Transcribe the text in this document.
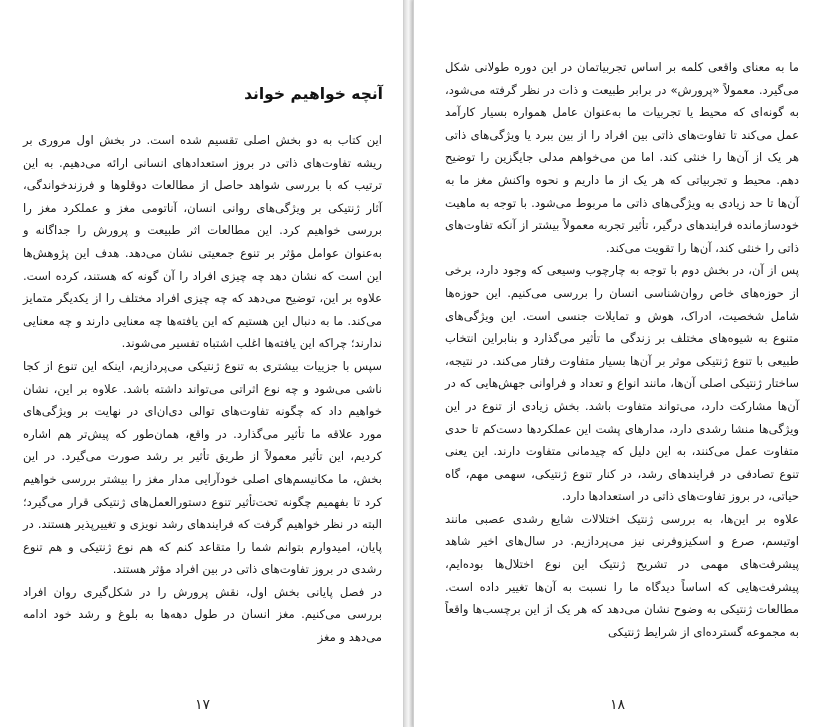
آنچه خواهیم خواند

این کتاب به دو بخش اصلی تقسیم شده است. در بخش اول مروری بر ریشه تفاوت‌های ذاتی در بروز استعدادهای انسانی ارائه می‌دهیم. به این ترتیب که با بررسی شواهد حاصل از مطالعات دوقلوها و فرزندخواندگی، آثار ژنتیکی بر ویژگی‌های روانی انسان، آناتومی مغز و عملکرد مغز را بررسی خواهیم کرد. این مطالعات اثر طبیعت و پرورش را جداگانه و به‌عنوان عوامل مؤثر بر تنوع جمعیتی نشان می‌دهد. هدف این پژوهش‌ها این است که نشان دهد چه چیزی افراد را آن گونه که هستند، کرده است. علاوه بر این، توضیح می‌دهد که چه چیزی افراد مختلف را از یکدیگر متمایز می‌کند. ما به دنبال این هستیم که این یافته‌ها چه معنایی دارند و چه معنایی ندارند؛ چراکه این یافته‌ها اغلب اشتباه تفسیر می‌شوند.

سپس با جزییات بیشتری به تنوع ژنتیکی می‌پردازیم، اینکه این تنوع از کجا ناشی می‌شود و چه نوع اثراتی می‌تواند داشته باشد. علاوه بر این، نشان خواهیم داد که چگونه تفاوت‌های توالی دی‌ان‌ای در نهایت بر ویژگی‌های مورد علاقه ما تأثیر می‌گذارد. در واقع، همان‌طور که پیش‌تر هم اشاره کردیم، این تأثیر معمولاً از طریق تأثیر بر رشد صورت می‌گیرد. در این بخش، ما مکانیسم‌های اصلی خودآرایی مدار مغز را بیشتر بررسی خواهیم کرد تا بفهمیم چگونه تحت‌تأثیر تنوع دستورالعمل‌های ژنتیکی قرار می‌گیرد؛ البته در نظر خواهیم گرفت که فرایندهای رشد نویزی و تغییرپذیر هستند. در پایان، امیدوارم بتوانم شما را متقاعد کنم که هم نوع ژنتیکی و هم تنوع رشدی در بروز تفاوت‌های ذاتی در بین افراد مؤثر هستند.

در فصل پایانی بخش اول، نقش پرورش را در شکل‌گیری روان افراد بررسی می‌کنیم. مغز انسان در طول دهه‌ها به بلوغ و رشد خود ادامه می‌دهد و مغز

۱۷

ما به معنای واقعی کلمه بر اساس تجربیاتمان در این دوره طولانی شکل می‌گیرد. معمولاً «پرورش» در برابر طبیعت و ذات در نظر گرفته می‌شود، به گونه‌ای که محیط یا تجربیات ما به‌عنوان عامل همواره بسیار کارآمد عمل می‌کند تا تفاوت‌های ذاتی بین افراد را از بین ببرد یا ویژگی‌های ذاتی هر یک از آن‌ها را خنثی کند. اما من می‌خواهم مدلی جایگزین را توضیح دهم. محیط و تجربیاتی که هر یک از ما داریم و نحوه واکنش مغز ما به آن‌ها تا حد زیادی به ویژگی‌های ذاتی ما مربوط می‌شود. با توجه به ماهیت خودسازمانده فرایندهای درگیر، تأثیر تجربه معمولاً بیشتر از آنکه تفاوت‌های ذاتی را خنثی کند، آن‌ها را تقویت می‌کند.

پس از آن، در بخش دوم با توجه به چارچوب وسیعی که وجود دارد، برخی از حوزه‌های خاص روان‌شناسی انسان را بررسی می‌کنیم. این حوزه‌ها شامل شخصیت، ادراک، هوش و تمایلات جنسی است. این ویژگی‌های متنوع به شیوه‌های مختلف بر زندگی ما تأثیر می‌گذارد و بنابراین انتخاب طبیعی با تنوع ژنتیکی موثر بر آن‌ها بسیار متفاوت رفتار می‌کند. در نتیجه، ساختار ژنتیکی اصلی آن‌ها، مانند انواع و تعداد و فراوانی جهش‌هایی که در آن‌ها مشارکت دارد، می‌تواند متفاوت باشد. بخش زیادی از تنوع در این ویژگی‌ها منشا رشدی دارد، مدارهای پشت این عملکردها دست‌کم تا حدی متفاوت عمل می‌کنند، به این دلیل که چیدمانی متفاوت دارند. این یعنی تنوع تصادفی در فرایندهای رشد، در کنار تنوع ژنتیکی، سهمی مهم، گاه حیاتی، در بروز تفاوت‌های ذاتی در استعدادها دارد.

علاوه بر این‌ها، به بررسی ژنتیک اختلالات شایع رشدی عصبی مانند اوتیسم، صرع و اسکیزوفرنی نیز می‌پردازیم. در سال‌های اخیر شاهد پیشرفت‌های مهمی در تشریح ژنتیک این نوع اختلال‌ها بوده‌ایم، پیشرفت‌هایی که اساساً دیدگاه ما را نسبت به آن‌ها تغییر داده است. مطالعات ژنتیکی به وضوح نشان می‌دهد که هر یک از این برچسب‌ها واقعاً به مجموعه گسترده‌ای از شرایط ژنتیکی

۱۸
